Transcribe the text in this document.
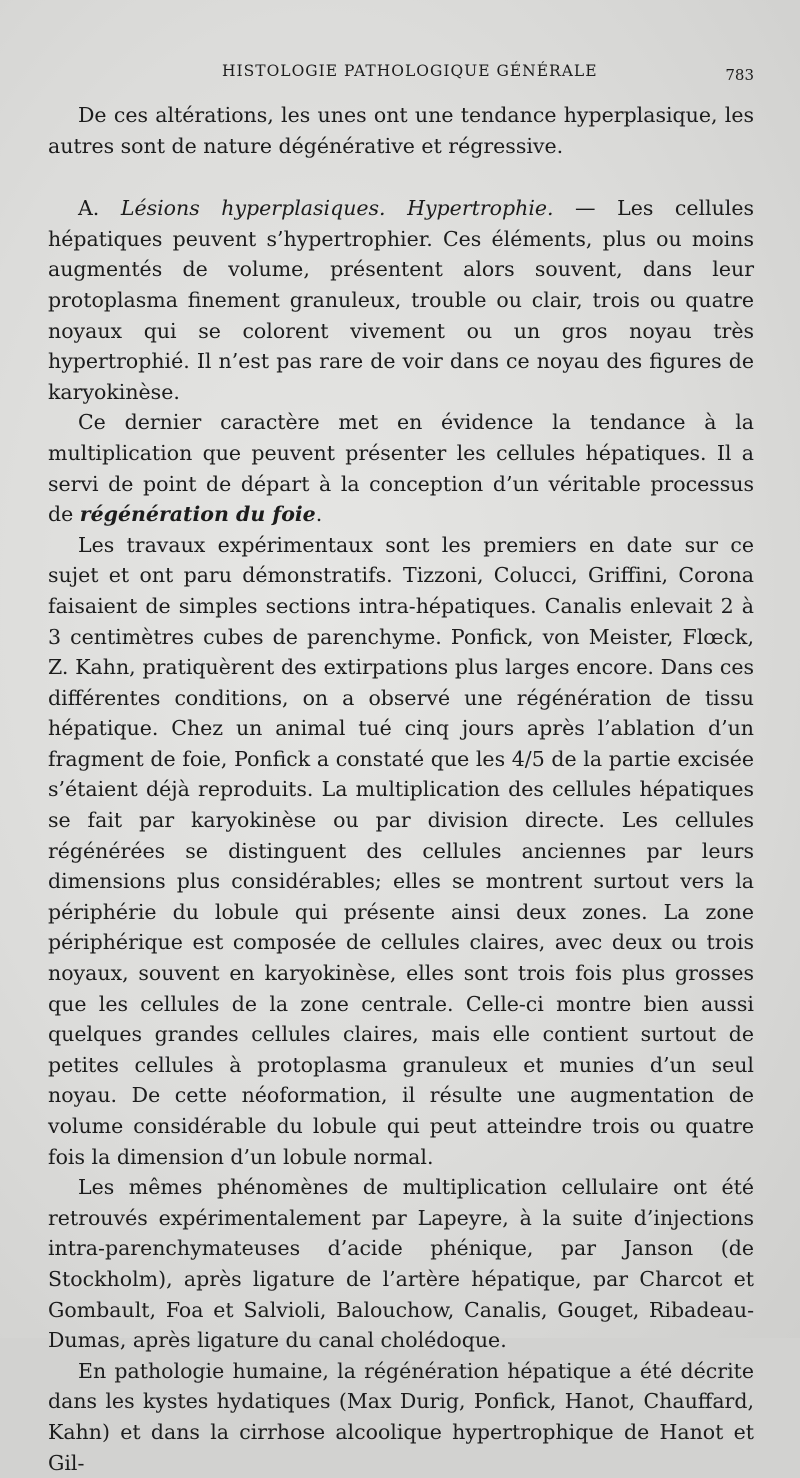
HISTOLOGIE PATHOLOGIQUE GÉNÉRALE	783

De ces altérations, les unes ont une tendance hyperplasique, les autres sont de nature dégénérative et régressive.

A. Lésions hyperplasiques. Hypertrophie. — Les cellules hépatiques peuvent s’hypertrophier. Ces éléments, plus ou moins augmentés de volume, présentent alors souvent, dans leur protoplasma finement granuleux, trouble ou clair, trois ou quatre noyaux qui se colorent vivement ou un gros noyau très hypertrophié. Il n’est pas rare de voir dans ce noyau des figures de karyokinèse.

Ce dernier caractère met en évidence la tendance à la multiplication que peuvent présenter les cellules hépatiques. Il a servi de point de départ à la conception d’un véritable processus de régénération du foie.

Les travaux expérimentaux sont les premiers en date sur ce sujet et ont paru démonstratifs. Tizzoni, Colucci, Griffini, Corona faisaient de simples sections intra-hépatiques. Canalis enlevait 2 à 3 centimètres cubes de parenchyme. Ponfick, von Meister, Flœck, Z. Kahn, pratiquèrent des extirpations plus larges encore. Dans ces différentes conditions, on a observé une régénération de tissu hépatique. Chez un animal tué cinq jours après l’ablation d’un fragment de foie, Ponfick a constaté que les 4/5 de la partie excisée s’étaient déjà reproduits. La multiplication des cellules hépatiques se fait par karyokinèse ou par division directe. Les cellules régénérées se distinguent des cellules anciennes par leurs dimensions plus considérables; elles se montrent surtout vers la périphérie du lobule qui présente ainsi deux zones. La zone périphérique est composée de cellules claires, avec deux ou trois noyaux, souvent en karyokinèse, elles sont trois fois plus grosses que les cellules de la zone centrale. Celle-ci montre bien aussi quelques grandes cellules claires, mais elle contient surtout de petites cellules à protoplasma granuleux et munies d’un seul noyau. De cette néoformation, il résulte une augmentation de volume considérable du lobule qui peut atteindre trois ou quatre fois la dimension d’un lobule normal.

Les mêmes phénomènes de multiplication cellulaire ont été retrouvés expérimentalement par Lapeyre, à la suite d’injections intra-parenchymateuses d’acide phénique, par Janson (de Stockholm), après ligature de l’artère hépatique, par Charcot et Gombault, Foa et Salvioli, Balouchow, Canalis, Gouget, Ribadeau-Dumas, après ligature du canal cholédoque.

En pathologie humaine, la régénération hépatique a été décrite dans les kystes hydatiques (Max Durig, Ponfick, Hanot, Chauffard, Kahn) et dans la cirrhose alcoolique hypertrophique de Hanot et Gil-
